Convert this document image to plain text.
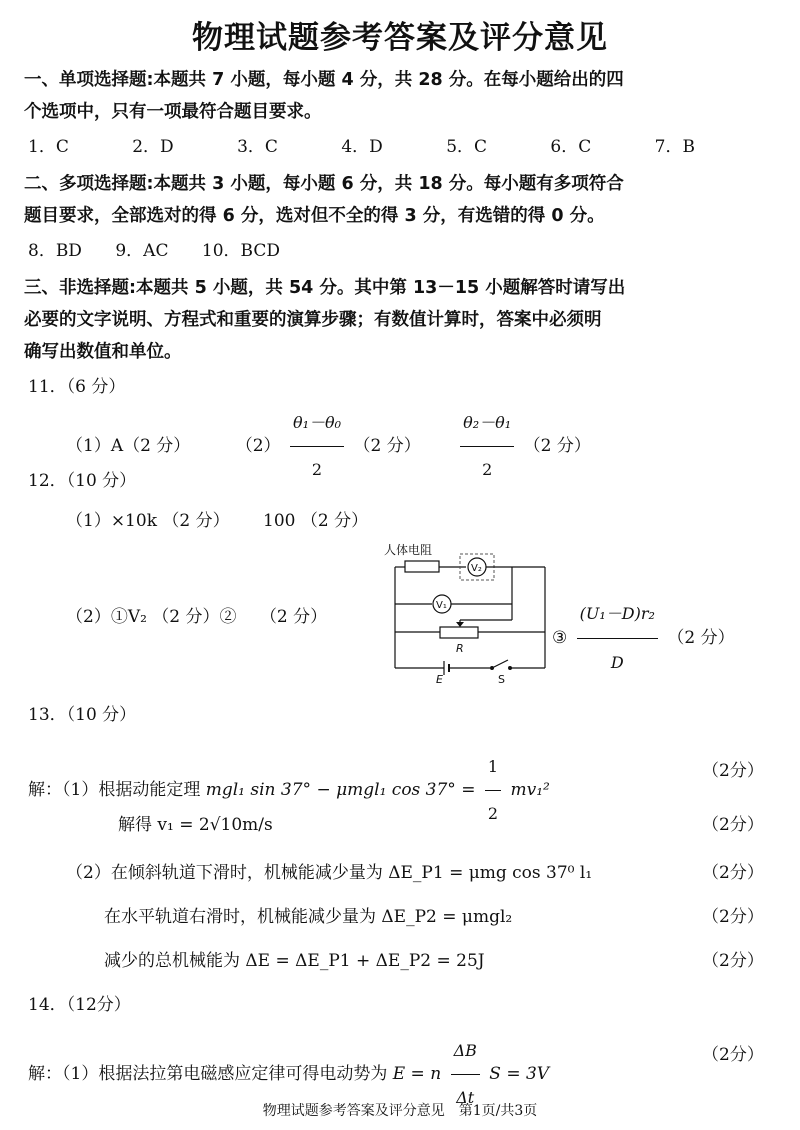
物理试题参考答案及评分意见
一、单项选择题:本题共 7 小题，每小题 4 分，共 28 分。在每小题给出的四
个选项中，只有一项最符合题目要求。
1．C	2．D	3．C	4．D	5．C	6．C	7．B
二、多项选择题:本题共 3 小题，每小题 6 分，共 18 分。每小题有多项符合
题目要求，全部选对的得 6 分，选对但不全的得 3 分，有选错的得 0 分。
8．BD 9．AC 10．BCD
三、非选择题:本题共 5 小题，共 54 分。其中第 13－15 小题解答时请写出
必要的文字说明、方程式和重要的演算步骤；有数值计算时，答案中必须明
确写出数值和单位。
11．（6 分）
（1）A（2 分）	$(2) \frac{\text{θ₁－θ₀}}{2} (2$ 分） $\frac{\text{θ₂－θ₁}}{2} (2$ 分）
12．（10 分）
（1）×10k （2 分） 100 （2 分）
（2）①V₂ （2 分）② （2 分）
人体电阻
V₂
V₁
R
E	S
③ $\frac{\text{(U₁－D)r₂}}{D} (2$ 分）
13．（10 分）
解：（1）根据动能定理 mgl₁ sin 37° − μmgl₁ $\cos 37^\circ = \frac{1}{2} mv_1^2$
（2分）
解得 v₁ = 2√10m/s	（2分）
（2）在倾斜轨道下滑时，机械能减少量为 ΔE_P1 = μmg cos 37⁰ l₁	（2分）
在水平轨道右滑时，机械能减少量为 ΔE_P2 = μmgl₂	（2分）
减少的总机械能为 ΔE = ΔE_P1 + ΔE_P2 = 25J	（2分）
14．（12分）
解：（1）根据法拉第电磁感应定律可得电动势为 E = n $\frac{\Delta B}{\Delta t}$ S = 3V
（2分）
物理试题参考答案及评分意见　第1页/共3页
